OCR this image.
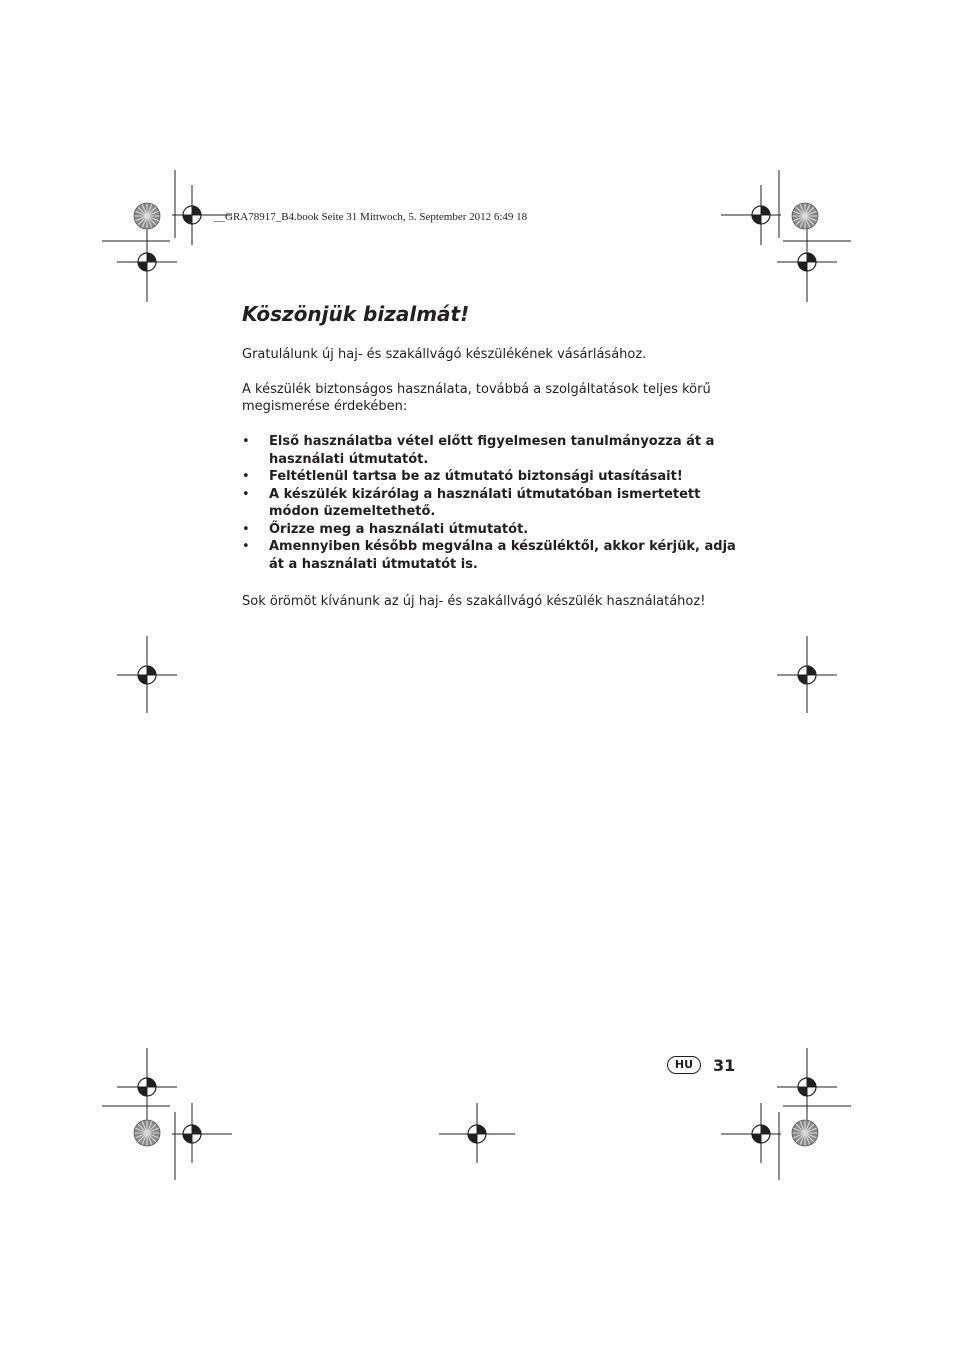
__GRA78917_B4.book Seite 31 Mittwoch, 5. September 2012 6:49 18
Köszönjük bizalmát!

Gratulálunk új haj- és szakállvágó készülékének vásárlásához.

A készülék biztonságos használata, továbbá a szolgáltatások teljes körű megismerése érdekében:

• Első használatba vétel előtt figyelmesen tanulmányozza át a használati útmutatót.
• Feltétlenül tartsa be az útmutató biztonsági utasításait!
• A készülék kizárólag a használati útmutatóban ismertetett módon üzemeltethető.
• Őrizze meg a használati útmutatót.
• Amennyiben később megválna a készüléktől, akkor kérjük, adja át a használati útmutatót is.

Sok örömöt kívánunk az új haj- és szakállvágó készülék használatához!

HU	31
